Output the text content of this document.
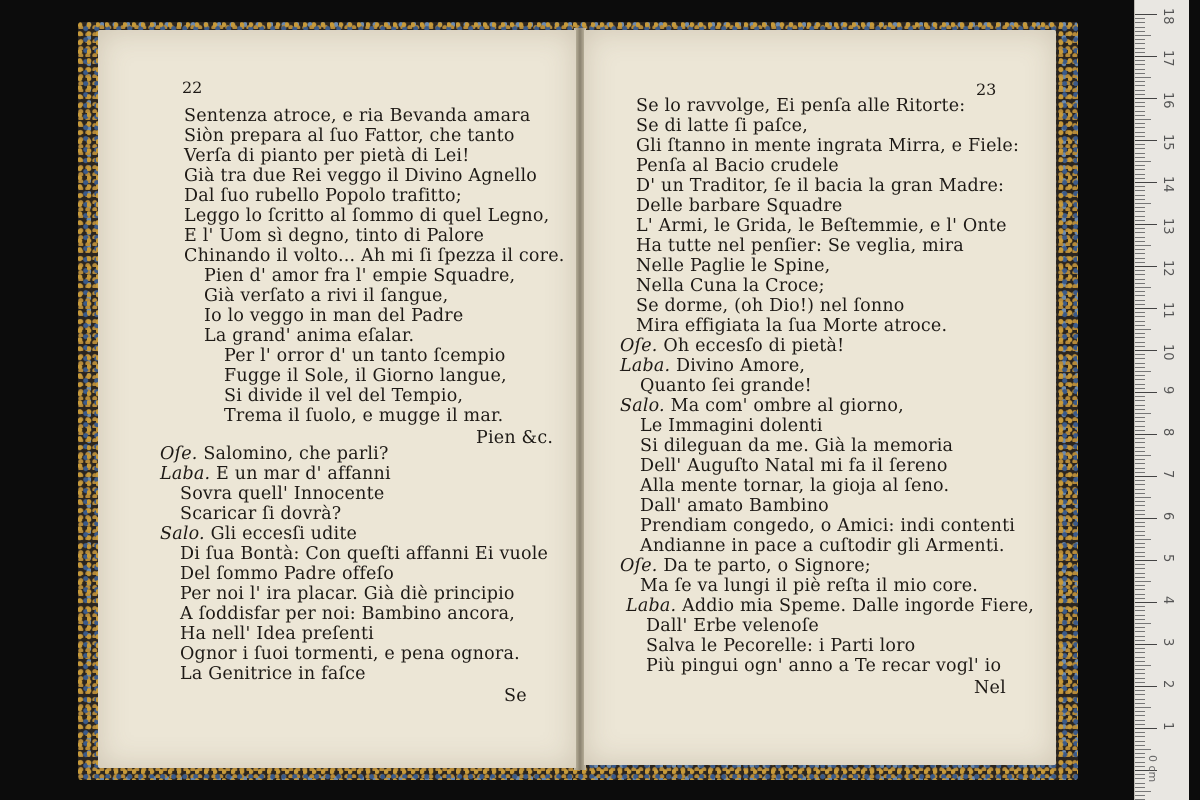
22
Sentenza atroce, e ria Bevanda amara
Siòn prepara al ſuo Fattor, che tanto
Verſa di pianto per pietà di Lei!
Già tra due Rei veggo il Divino Agnello
Dal ſuo rubello Popolo trafitto;
Leggo lo ſcritto al ſommo di quel Legno,
E l' Uom sì degno, tinto di Palore
Chinando il volto... Ah mi ſi ſpezza il core.
Pien d' amor fra l' empie Squadre,
Già verſato a rivi il ſangue,
Io lo veggo in man del Padre
La grand' anima eſalar.
Per l' orror d' un tanto ſcempio
Fugge il Sole, il Giorno langue,
Si divide il vel del Tempio,
Trema il ſuolo, e mugge il mar.
Pien &c.
Oſe. Salomino, che parli?
Laba. E un mar d' affanni
Sovra quell' Innocente
Scaricar ſi dovrà?
Salo. Gli eccesſi udite
Di ſua Bontà: Con queſti affanni Ei vuole
Del ſommo Padre offeſo
Per noi l' ira placar. Già diè principio
A ſoddisfar per noi: Bambino ancora,
Ha nell' Idea preſenti
Ognor i ſuoi tormenti, e pena ognora.
La Genitrice in faſce
Se
23
Se lo ravvolge, Ei penſa alle Ritorte:
Se di latte ſi paſce,
Gli ſtanno in mente ingrata Mirra, e Fiele:
Penſa al Bacio crudele
D' un Traditor, ſe il bacia la gran Madre:
Delle barbare Squadre
L' Armi, le Grida, le Beſtemmie, e l' Onte
Ha tutte nel penſier: Se veglia, mira
Nelle Paglie le Spine,
Nella Cuna la Croce;
Se dorme, (oh Dio!) nel ſonno
Mira effigiata la ſua Morte atroce.
Oſe. Oh eccesſo di pietà!
Laba. Divino Amore,
Quanto ſei grande!
Salo. Ma com' ombre al giorno,
Le Immagini dolenti
Si dileguan da me. Già la memoria
Dell' Auguſto Natal mi fa il ſereno
Alla mente tornar, la gioja al ſeno.
Dall' amato Bambino
Prendiam congedo, o Amici: indi contenti
Andianne in pace a cuſtodir gli Armenti.
Oſe. Da te parto, o Signore;
Ma ſe va lungi il piè reſta il mio core.
Laba. Addio mia Speme. Dalle ingorde Fiere,
Dall' Erbe velenoſe
Salva le Pecorelle: i Parti loro
Più pingui ogn' anno a Te recar vogl' io
Nel
18
17
16
15
14
13
12
11
10
9
8
7
6
5
4
3
2
1
0 cm
